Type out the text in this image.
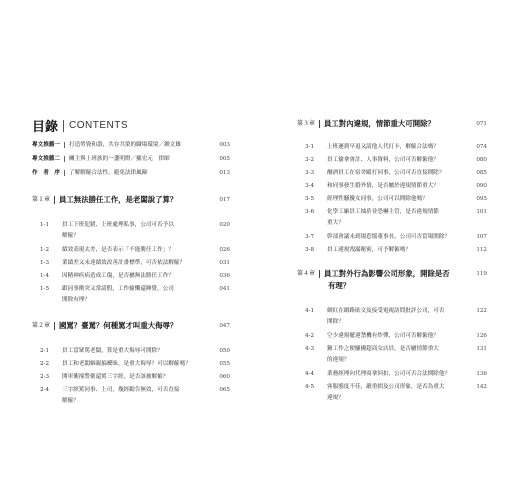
目錄 CONTENTS
專文推薦一 打造勞資和諧，共存共榮的職場環境／鍾文雄	003
專文推薦二 關主與上班族的一盞明燈／羅宏元　律師	005
作　者　序 了解解僱合法性，避免法律風險	013
第１章 員工無法勝任工作，是老闆說了算？	017
1-1 員工下班犯錯、上班處理私事，公司可否予以
解僱？
020
1-2 績效表現太差，是否表示「不能勝任工作」？	026
1-3 業績差又未達績效改善計畫標準，可否依法解僱？	031
1-4 因精神疾病造成工傷，是否屬無法勝任工作？	036
1-5 跟同事衝突又常請假，工作偷懶還睡覺，公司
開除有理？
041
第２章 國罵？臺罵？何種罵才叫重大侮辱？	047
2-1 員工當眾罵老闆，算是重大侮辱可開除？	050
2-2 員工和老闆姻親搞曖昧，是重大侮辱？可以解僱嗎？	055
2-3 開車衝撞警衛還罵三字經，是否該被解僱？	060
2-4 三字經罵同事、上司，幾經勸告無效，可否直接
解僱？
065
第３章 員工對內違規，情節重大可開除？	071
3-1 上班遲到早退又請他人代打卡，解僱合法嗎？	074
3-2 員工偷拿會計、人事資料，公司可否解僱他？	080
3-3 酗酒員工在宿舍毆打同事，公司可否直接開除？	085
3-4 和同事發生婚外情，是否屬於違規情節重大？	090
3-5 經理性騷擾女同事，公司可以開除他嗎？	095
3-6 化學工廠員工抽菸並恐嚇主管，是否違規情節
重大？
101
3-7 幹部會議未到場惹惱董事長，公司可否當場開除？	107
3-8 員工違規洩漏秘密，可予解僱嗎？	112
第４章 員工對外行為影響公司形象，開除是否
有理？
119
4-1 網紅在網路貼文及接受電視訪問批評公司，可否
開除？
122
4-2 空少違規擺違禁機有炸彈，公司可否解僱他？	126
4-3 鐘工作之便騷擾超商女店員，是否屬情節重大
的違規？
131
4-4 業務經理向代理商拿回扣，公司可否合法開除他？	136
4-5 客服態度不佳，嚴重損及公司形象，是否為重大
違規？
142
